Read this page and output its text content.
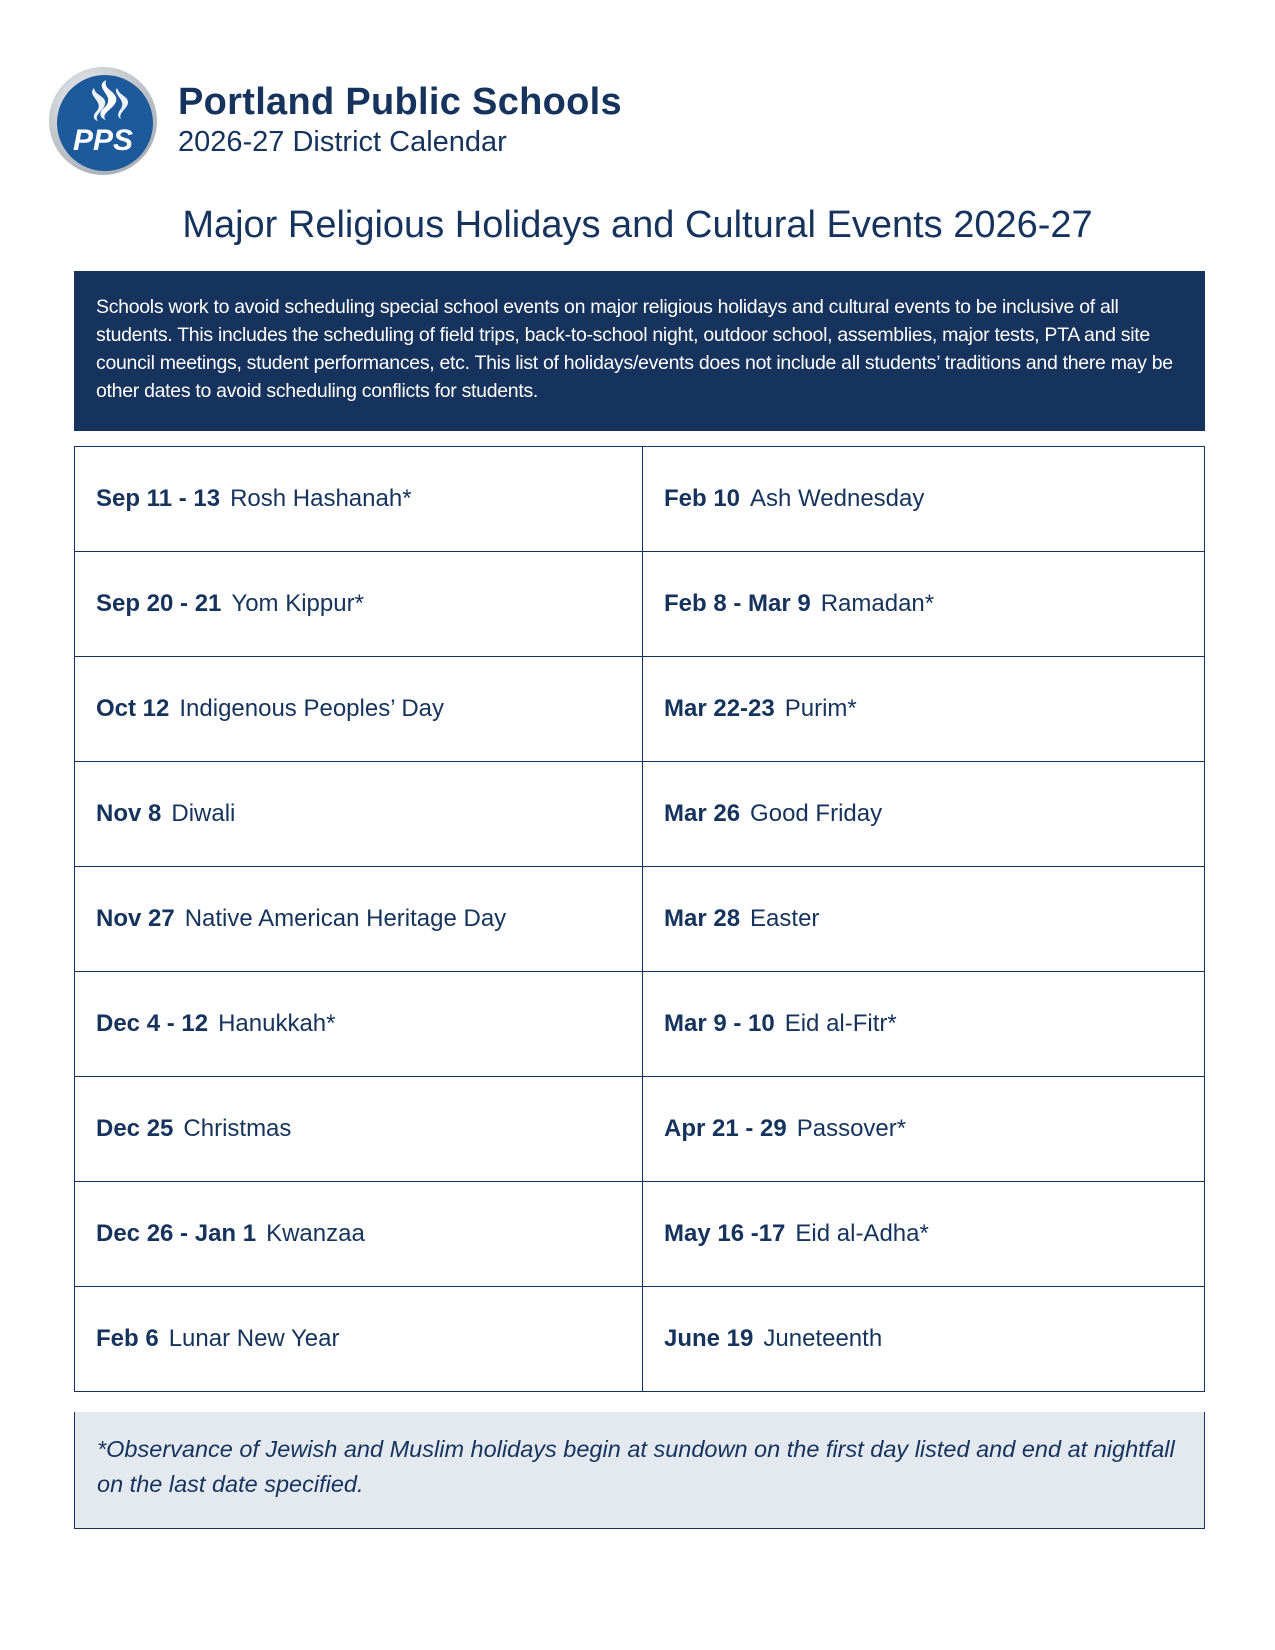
PPS
Portland Public Schools
2026-27 District Calendar
Major Religious Holidays and Cultural Events 2026-27
Schools work to avoid scheduling special school events on major religious holidays and cultural events to be inclusive of all students. This includes the scheduling of field trips, back-to-school night, outdoor school, assemblies, major tests, PTA and site council meetings, student performances, etc. This list of holidays/events does not include all students’ traditions and there may be other dates to avoid scheduling conflicts for students.
Sep 11 - 13 Rosh Hashanah*	Feb 10 Ash Wednesday
Sep 20 - 21 Yom Kippur*	Feb 8 - Mar 9 Ramadan*
Oct 12 Indigenous Peoples’ Day	Mar 22-23 Purim*
Nov 8 Diwali	Mar 26 Good Friday
Nov 27 Native American Heritage Day	Mar 28 Easter
Dec 4 - 12 Hanukkah*	Mar 9 - 10 Eid al-Fitr*
Dec 25 Christmas	Apr 21 - 29 Passover*
Dec 26 - Jan 1 Kwanzaa	May 16 -17 Eid al-Adha*
Feb 6 Lunar New Year	June 19 Juneteenth
*Observance of Jewish and Muslim holidays begin at sundown on the first day listed and end at nightfall on the last date specified.
